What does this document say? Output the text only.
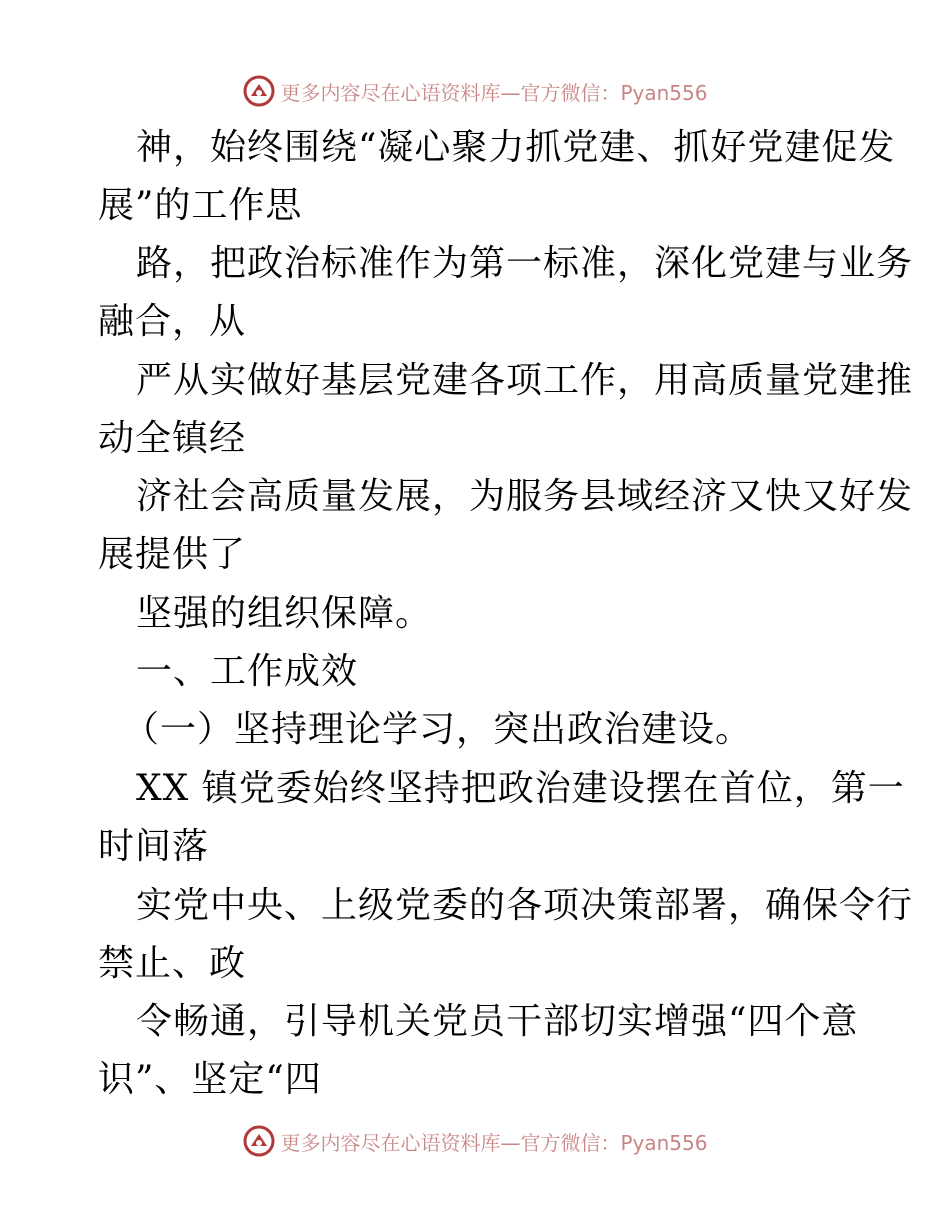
更多内容尽在心语资料库—官方微信：Pyan556
神，始终围绕“凝心聚力抓党建、抓好党建促发
展”的工作思
路，把政治标准作为第一标准，深化党建与业务
融合，从
严从实做好基层党建各项工作，用高质量党建推
动全镇经
济社会高质量发展，为服务县域经济又快又好发
展提供了
坚强的组织保障。
一、工作成效
（一）坚持理论学习，突出政治建设。
XX 镇党委始终坚持把政治建设摆在首位，第一
时间落
实党中央、上级党委的各项决策部署，确保令行
禁止、政
令畅通，引导机关党员干部切实增强“四个意
识”、坚定“四
更多内容尽在心语资料库—官方微信：Pyan556
